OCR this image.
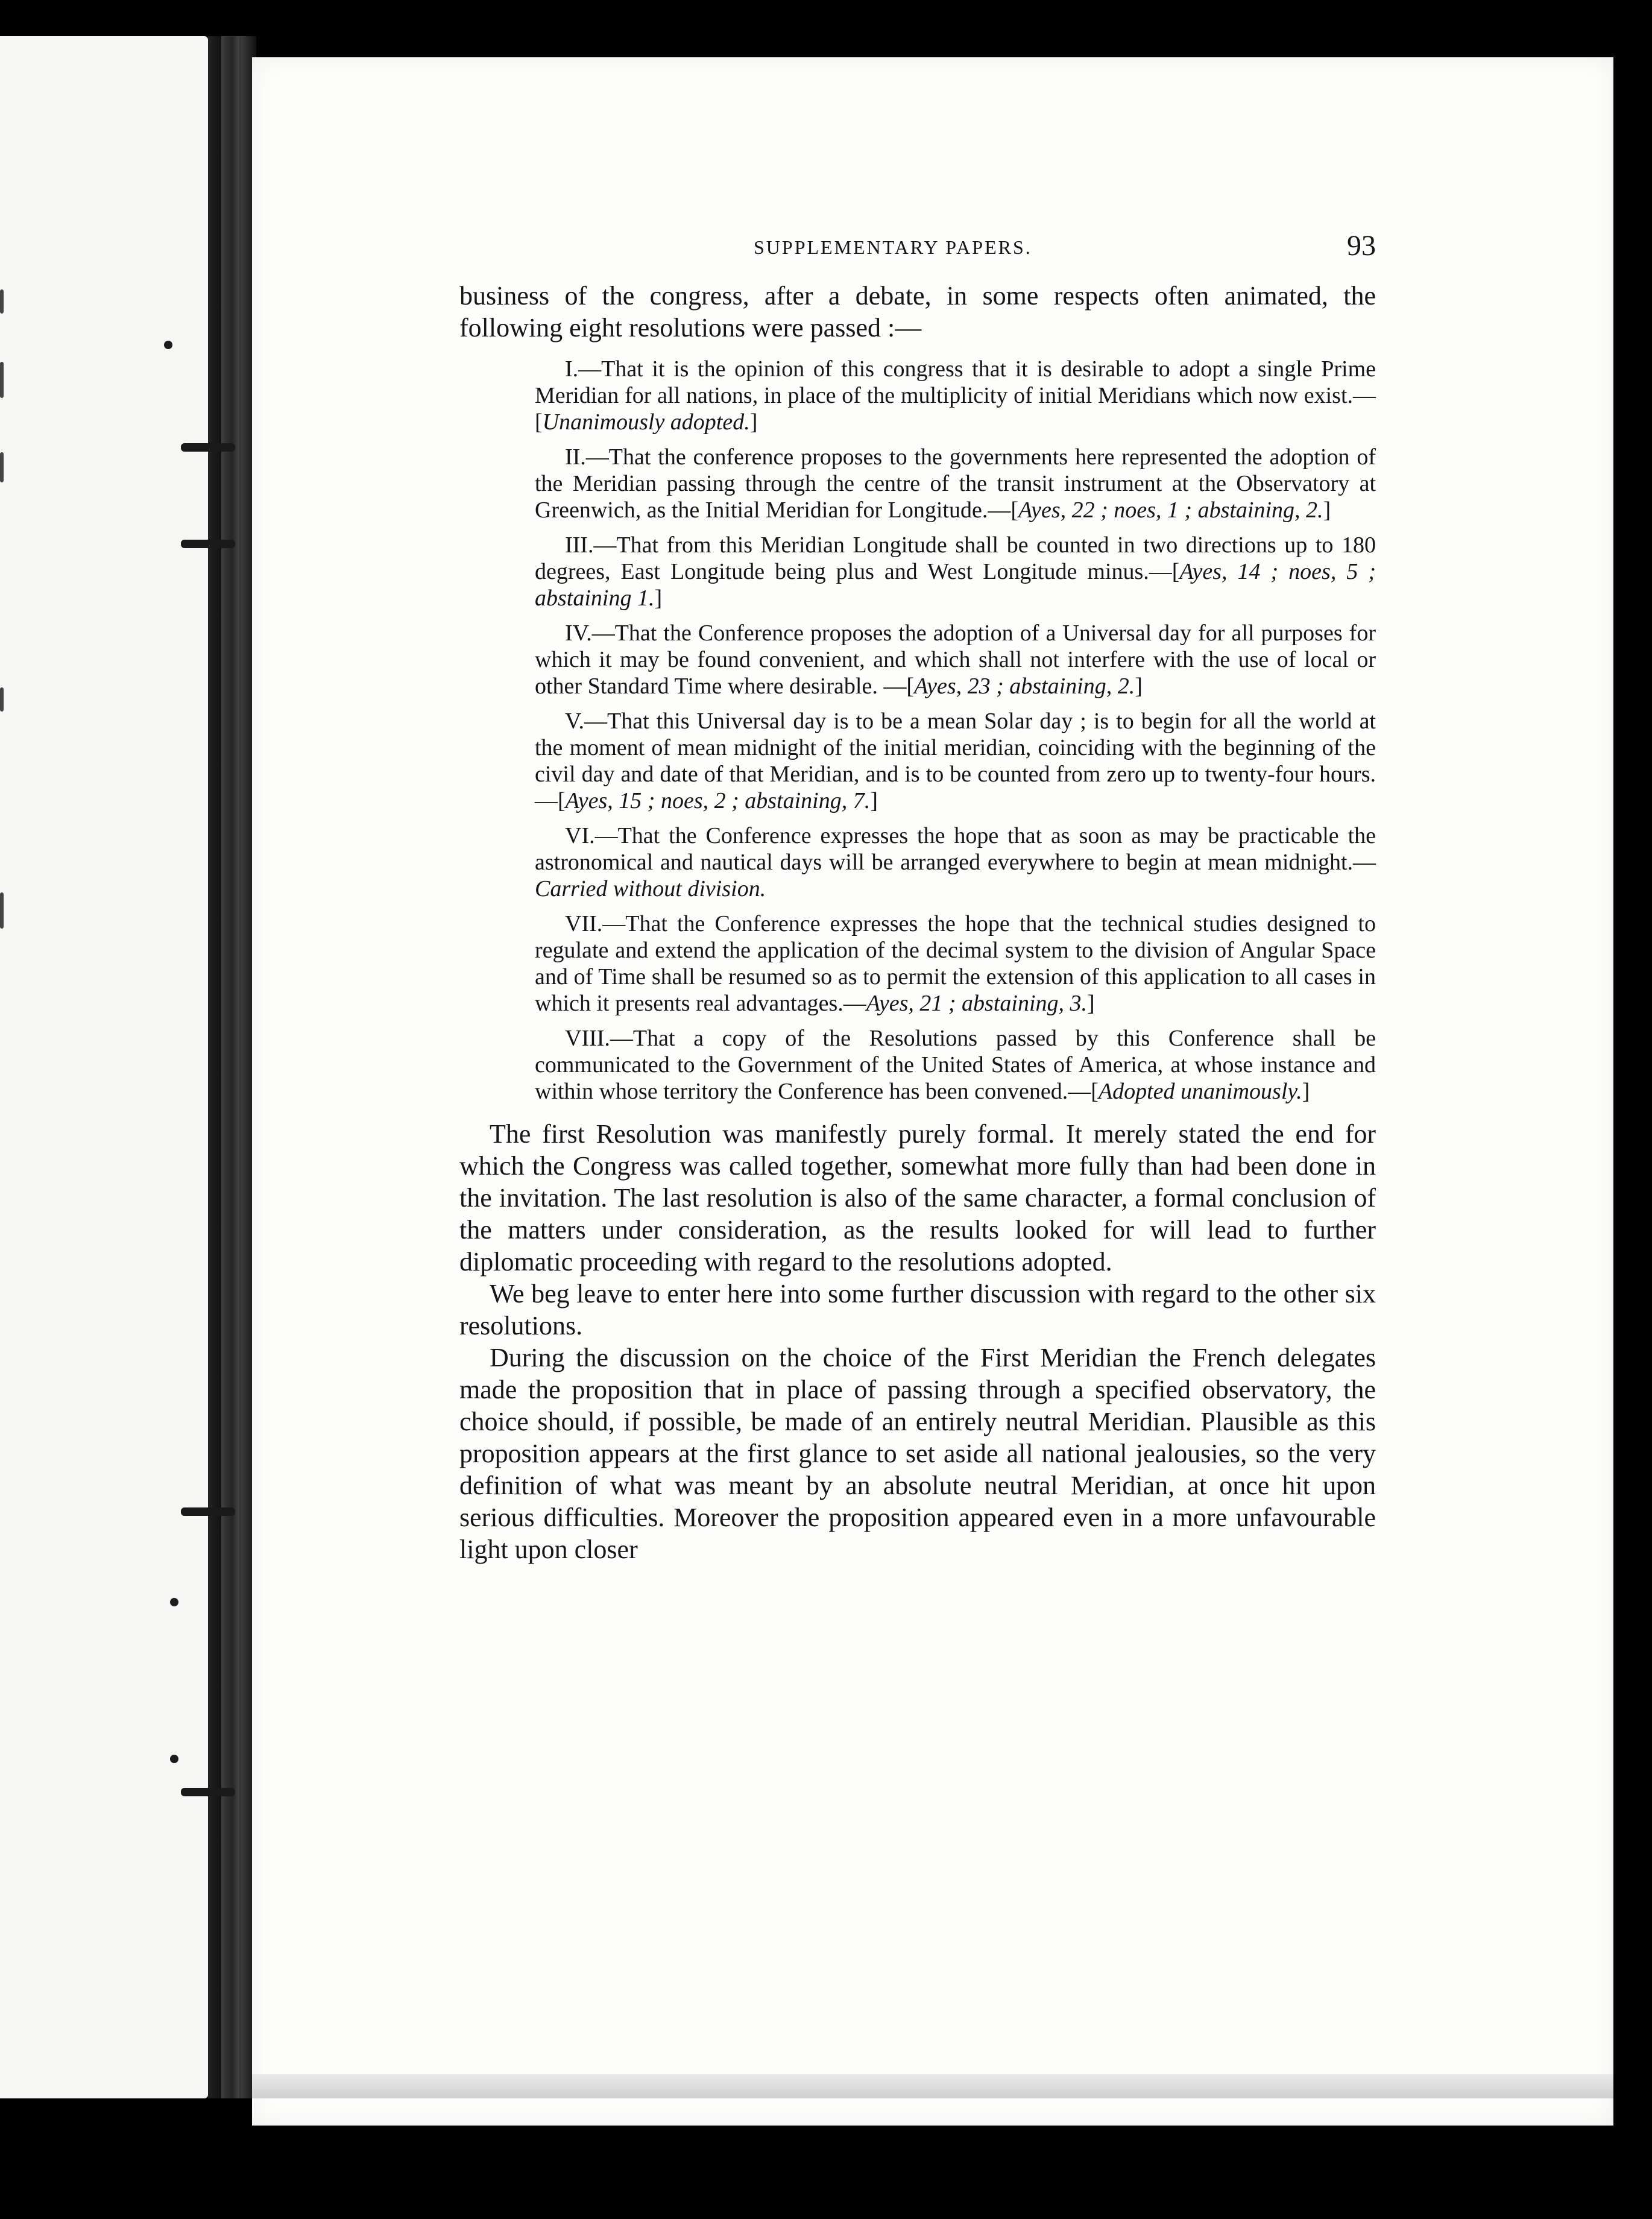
SUPPLEMENTARY PAPERS.	93

business of the congress, after a debate, in some respects often animated, the following eight resolutions were passed :—

I.—That it is the opinion of this congress that it is desirable to adopt a single Prime Meridian for all nations, in place of the multiplicity of initial Meridians which now exist.—[Unanimously adopted.]

II.—That the conference proposes to the governments here represented the adoption of the Meridian passing through the centre of the transit instrument at the Observatory at Greenwich, as the Initial Meridian for Longitude.—[Ayes, 22 ; noes, 1 ; abstaining, 2.]

III.—That from this Meridian Longitude shall be counted in two directions up to 180 degrees, East Longitude being plus and West Longitude minus.—[Ayes, 14 ; noes, 5 ; abstaining 1.]

IV.—That the Conference proposes the adoption of a Universal day for all purposes for which it may be found convenient, and which shall not interfere with the use of local or other Standard Time where desirable. —[Ayes, 23 ; abstaining, 2.]

V.—That this Universal day is to be a mean Solar day ; is to begin for all the world at the moment of mean midnight of the initial meridian, coinciding with the beginning of the civil day and date of that Meridian, and is to be counted from zero up to twenty-four hours.—[Ayes, 15 ; noes, 2 ; abstaining, 7.]

VI.—That the Conference expresses the hope that as soon as may be practicable the astronomical and nautical days will be arranged everywhere to begin at mean midnight.—Carried without division.

VII.—That the Conference expresses the hope that the technical studies designed to regulate and extend the application of the decimal system to the division of Angular Space and of Time shall be resumed so as to permit the extension of this application to all cases in which it presents real advantages.—Ayes, 21 ; abstaining, 3.]

VIII.—That a copy of the Resolutions passed by this Conference shall be communicated to the Government of the United States of America, at whose instance and within whose territory the Conference has been convened.—[Adopted unanimously.]

The first Resolution was manifestly purely formal. It merely stated the end for which the Congress was called together, somewhat more fully than had been done in the invitation. The last resolution is also of the same character, a formal conclusion of the matters under consideration, as the results looked for will lead to further diplomatic proceeding with regard to the resolutions adopted.

We beg leave to enter here into some further discussion with regard to the other six resolutions.

During the discussion on the choice of the First Meridian the French delegates made the proposition that in place of passing through a specified observatory, the choice should, if possible, be made of an entirely neutral Meridian. Plausible as this proposition appears at the first glance to set aside all national jealousies, so the very definition of what was meant by an absolute neutral Meridian, at once hit upon serious difficulties. Moreover the proposition appeared even in a more unfavourable light upon closer
